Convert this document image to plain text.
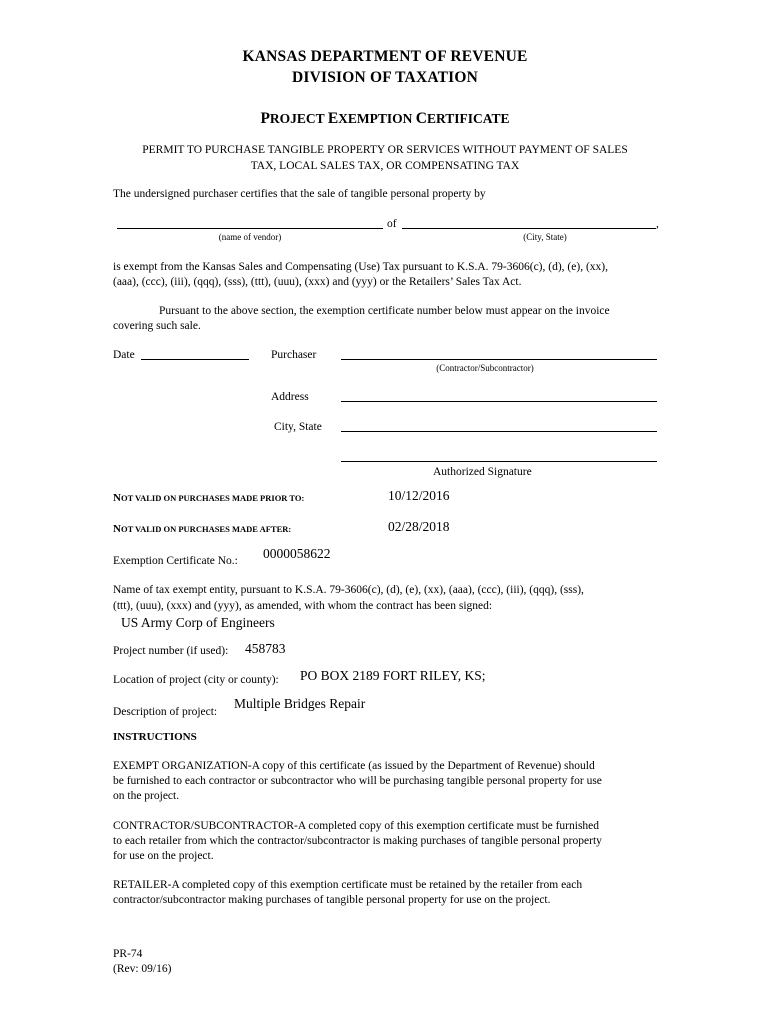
KANSAS DEPARTMENT OF REVENUE
DIVISION OF TAXATION
PROJECT EXEMPTION CERTIFICATE
PERMIT TO PURCHASE TANGIBLE PROPERTY OR SERVICES WITHOUT PAYMENT OF SALES
TAX, LOCAL SALES TAX, OR COMPENSATING TAX
The undersigned purchaser certifies that the sale of tangible personal property by
of	,
(name of vendor)	(City, State)
is exempt from the Kansas Sales and Compensating (Use) Tax pursuant to K.S.A. 79-3606(c), (d), (e), (xx),
(aaa), (ccc), (iii), (qqq), (sss), (ttt), (uuu), (xxx) and (yyy) or the Retailers’ Sales Tax Act.
Pursuant to the above section, the exemption certificate number below must appear on the invoice
covering such sale.
Date	Purchaser
(Contractor/Subcontractor)
Address
City, State
Authorized Signature
NOT VALID ON PURCHASES MADE PRIOR TO:	10/12/2016
NOT VALID ON PURCHASES MADE AFTER:	02/28/2018
Exemption Certificate No.: 0000058622
Name of tax exempt entity, pursuant to K.S.A. 79-3606(c), (d), (e), (xx), (aaa), (ccc), (iii), (qqq), (sss),
(ttt), (uuu), (xxx) and (yyy), as amended, with whom the contract has been signed:
US Army Corp of Engineers
Project number (if used): 458783
Location of project (city or county): PO BOX 2189 FORT RILEY, KS;
Description of project:
Multiple Bridges Repair
INSTRUCTIONS
EXEMPT ORGANIZATION-A copy of this certificate (as issued by the Department of Revenue) should
be furnished to each contractor or subcontractor who will be purchasing tangible personal property for use
on the project.
CONTRACTOR/SUBCONTRACTOR-A completed copy of this exemption certificate must be furnished
to each retailer from which the contractor/subcontractor is making purchases of tangible personal property
for use on the project.
RETAILER-A completed copy of this exemption certificate must be retained by the retailer from each
contractor/subcontractor making purchases of tangible personal property for use on the project.
PR-74
(Rev: 09/16)
